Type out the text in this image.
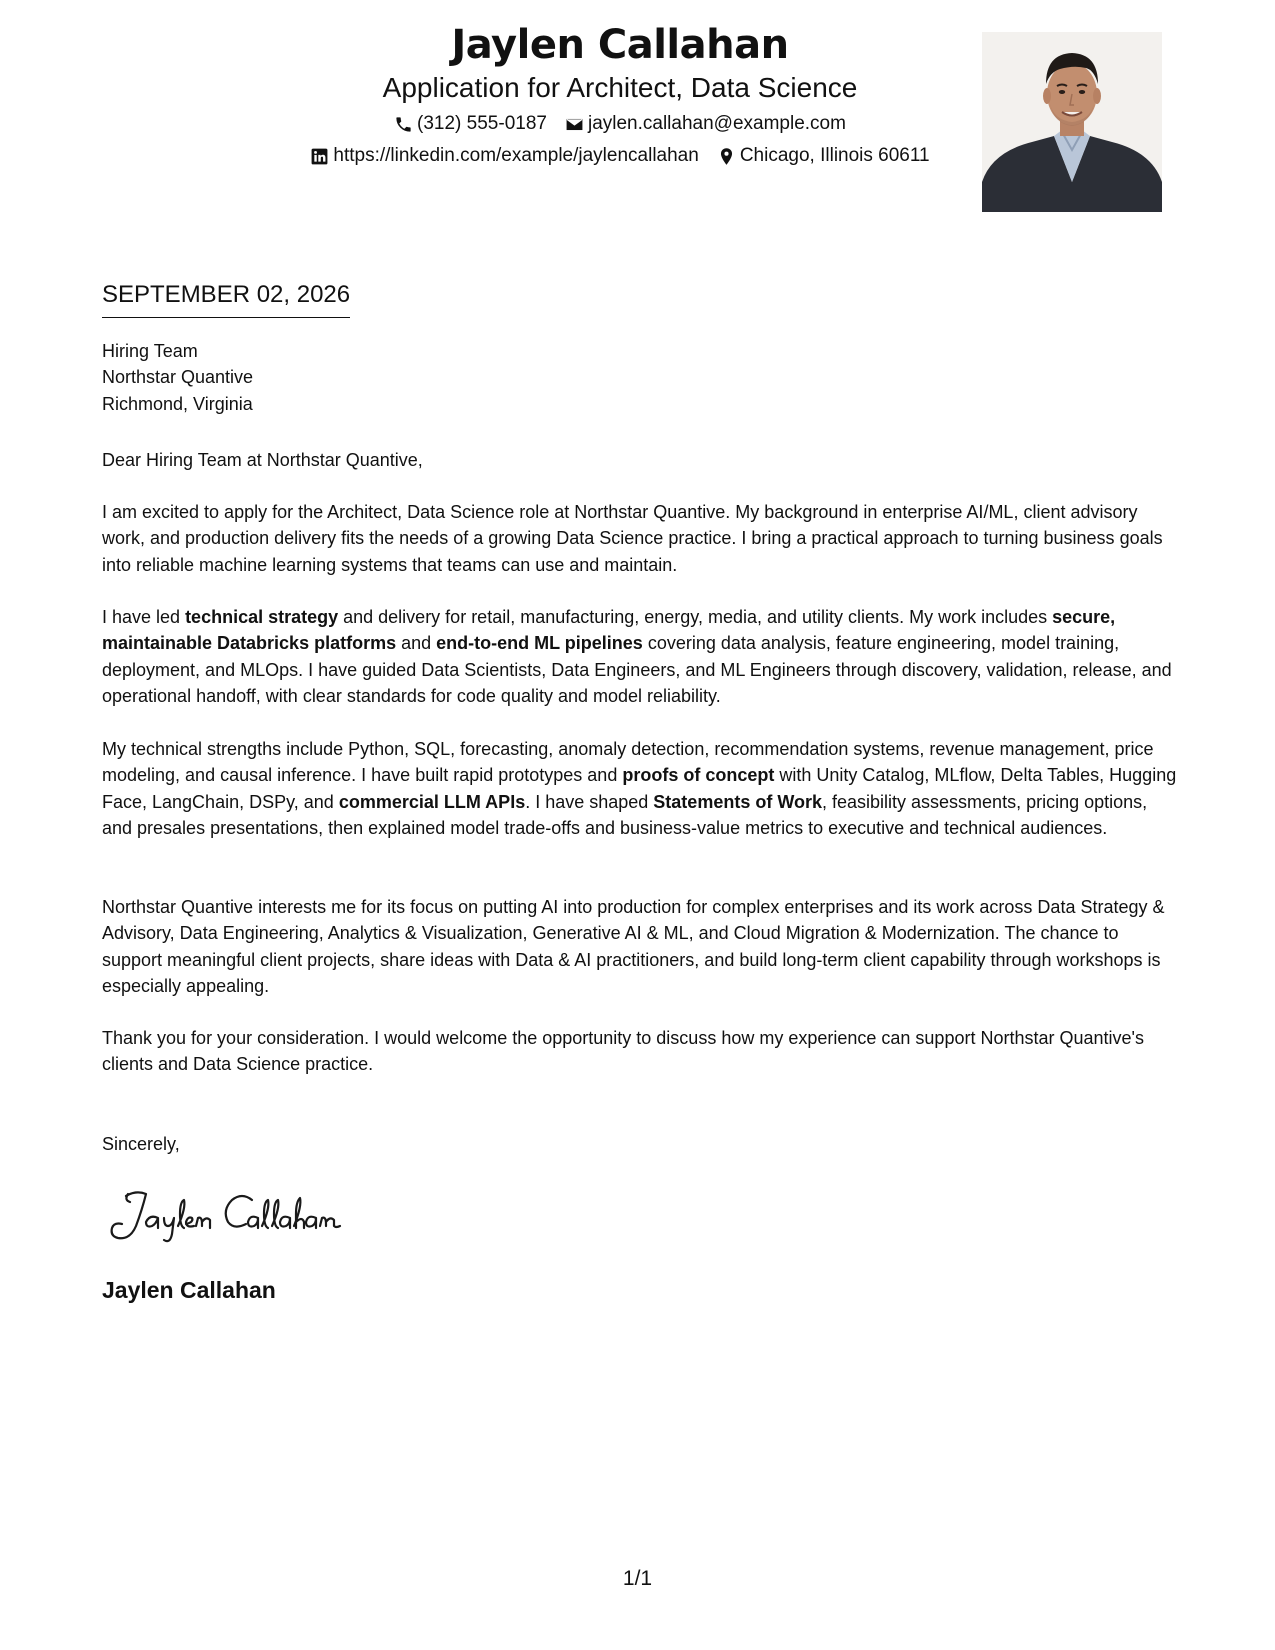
Jaylen Callahan
Application for Architect, Data Science
(312) 555-0187 jaylen.callahan@example.com
https://linkedin.com/example/jaylencallahan Chicago, Illinois 60611
SEPTEMBER 02, 2026
Hiring Team
Northstar Quantive
Richmond, Virginia
Dear Hiring Team at Northstar Quantive,
I am excited to apply for the Architect, Data Science role at Northstar Quantive. My background in enterprise AI/ML, client advisory work, and production delivery fits the needs of a growing Data Science practice. I bring a practical approach to turning business goals into reliable machine learning systems that teams can use and maintain.
I have led technical strategy and delivery for retail, manufacturing, energy, media, and utility clients. My work includes secure, maintainable Databricks platforms and end-to-end ML pipelines covering data analysis, feature engineering, model training, deployment, and MLOps. I have guided Data Scientists, Data Engineers, and ML Engineers through discovery, validation, release, and operational handoff, with clear standards for code quality and model reliability.
My technical strengths include Python, SQL, forecasting, anomaly detection, recommendation systems, revenue management, price modeling, and causal inference. I have built rapid prototypes and proofs of concept with Unity Catalog, MLflow, Delta Tables, Hugging Face, LangChain, DSPy, and commercial LLM APIs. I have shaped Statements of Work, feasibility assessments, pricing options, and presales presentations, then explained model trade-offs and business-value metrics to executive and technical audiences.
Northstar Quantive interests me for its focus on putting AI into production for complex enterprises and its work across Data Strategy & Advisory, Data Engineering, Analytics & Visualization, Generative AI & ML, and Cloud Migration & Modernization. The chance to support meaningful client projects, share ideas with Data & AI practitioners, and build long-term client capability through workshops is especially appealing.
Thank you for your consideration. I would welcome the opportunity to discuss how my experience can support Northstar Quantive's clients and Data Science practice.
Sincerely,
Jaylen Callahan
1/1
